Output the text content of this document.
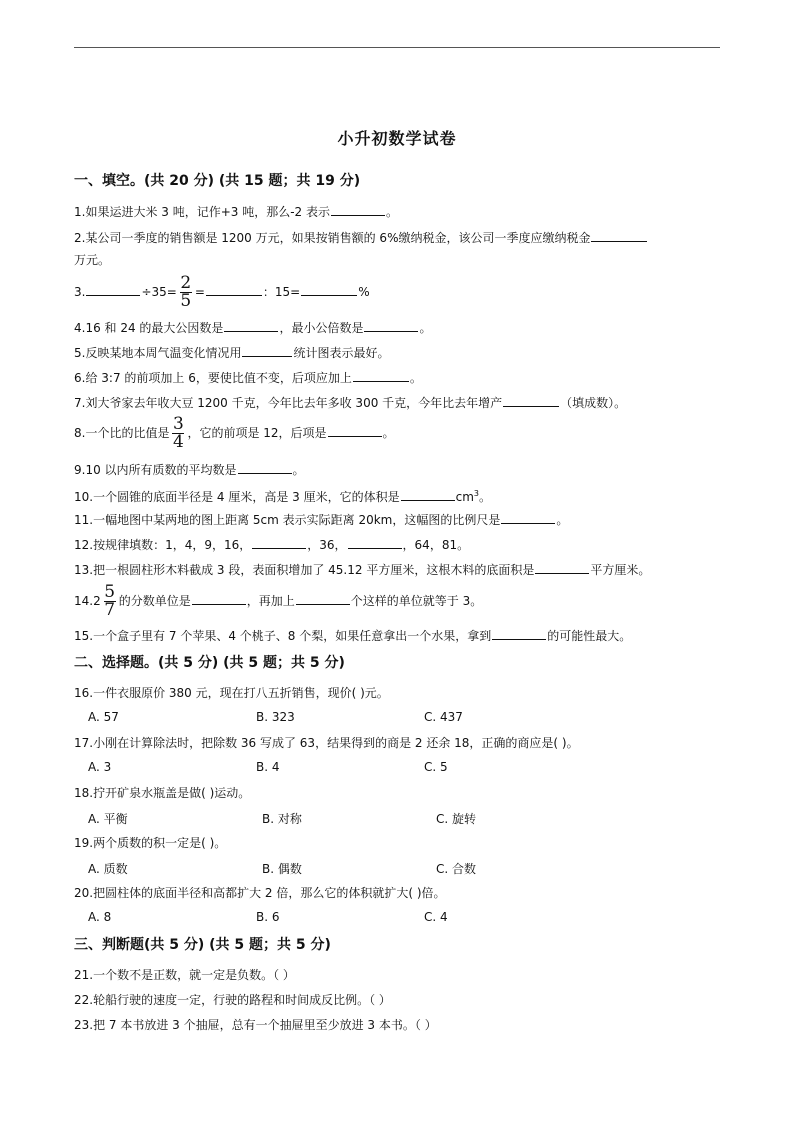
小升初数学试卷
一、填空。(共 20 分) (共 15 题；共 19 分)
1.如果运进大米 3 吨，记作+3 吨，那么-2 表示	。
2.某公司一季度的销售额是 1200 万元，如果按销售额的 6%缴纳税金，该公司一季度应缴纳税金
万元。
3.	$\div 35= \frac{2}{5}$ =	：15=	%
4.16 和 24 的最大公因数是	，最小公倍数是	。
5.反映某地本周气温变化情况用	统计图表示最好。
6.给 3:7 的前项加上 6，要使比值不变，后项应加上	。
7.刘大爷家去年收大豆 1200 千克，今年比去年多收 300 千克，今年比去年增产	（填成数）。
8.一个比的比值是 $\frac{3}{4}$ ，它的前项是 12，后项是	。
9.10 以内所有质数的平均数是	。
10.一个圆锥的底面半径是 4 厘米，高是 3 厘米，它的体积是	$cm^3$。
11.一幅地图中某两地的图上距离 5cm 表示实际距离 20km，这幅图的比例尺是	。
12.按规律填数：1，4，9，16，	，36，	，64，81。
13.把一根圆柱形木料截成 3 段，表面积增加了 45.12 平方厘米，这根木料的底面积是	平方厘米。
$14.2 \frac{5}{7}$ 的分数单位是	，再加上	个这样的单位就等于 3。
15.一个盒子里有 7 个苹果、4 个桃子、8 个梨，如果任意拿出一个水果，拿到	的可能性最大。
二、选择题。(共 5 分) (共 5 题；共 5 分)
16.一件衣服原价 380 元，现在打八五折销售，现价( )元。
A. 57	B. 323	C. 437
17.小刚在计算除法时，把除数 36 写成了 63，结果得到的商是 2 还余 18，正确的商应是( )。
A. 3	B. 4	C. 5
18.拧开矿泉水瓶盖是做( )运动。
A. 平衡	B. 对称	C. 旋转
19.两个质数的积一定是( )。
A. 质数	B. 偶数	C. 合数
20.把圆柱体的底面半径和高都扩大 2 倍，那么它的体积就扩大( )倍。
A. 8	B. 6	C. 4
三、判断题(共 5 分) (共 5 题；共 5 分)
21.一个数不是正数，就一定是负数。（ ）
22.轮船行驶的速度一定，行驶的路程和时间成反比例。（ ）
23.把 7 本书放进 3 个抽屉，总有一个抽屉里至少放进 3 本书。（ ）
